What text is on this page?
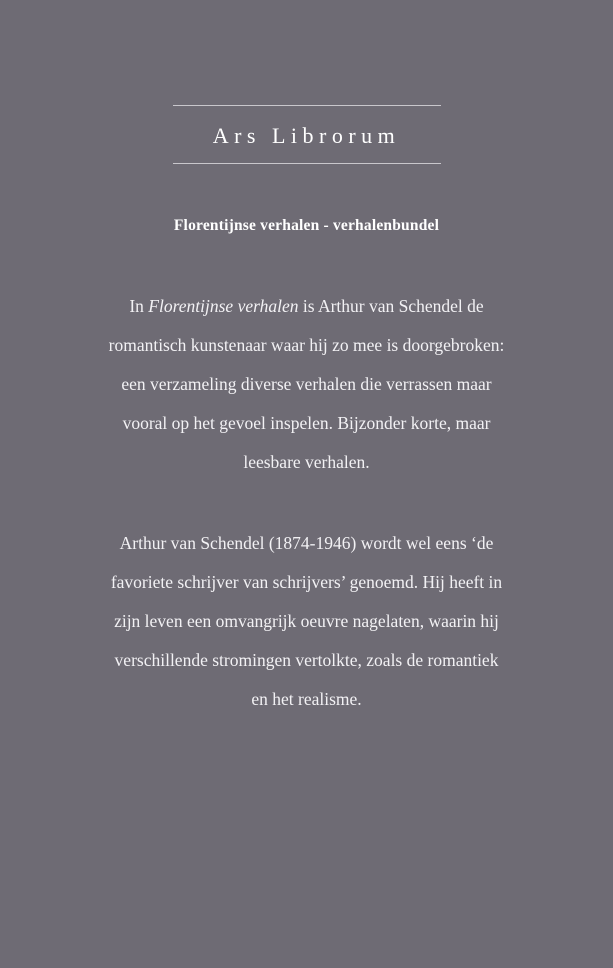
Ars Librorum
Florentijnse verhalen - verhalenbundel

In Florentijnse verhalen is Arthur van Schendel de romantisch kunstenaar waar hij zo mee is doorgebroken: een verzameling diverse verhalen die verrassen maar vooral op het gevoel inspelen. Bijzonder korte, maar leesbare verhalen.

Arthur van Schendel (1874-1946) wordt wel eens ‘de favoriete schrijver van schrijvers’ genoemd. Hij heeft in zijn leven een omvangrijk oeuvre nagelaten, waarin hij verschillende stromingen vertolkte, zoals de romantiek en het realisme.
